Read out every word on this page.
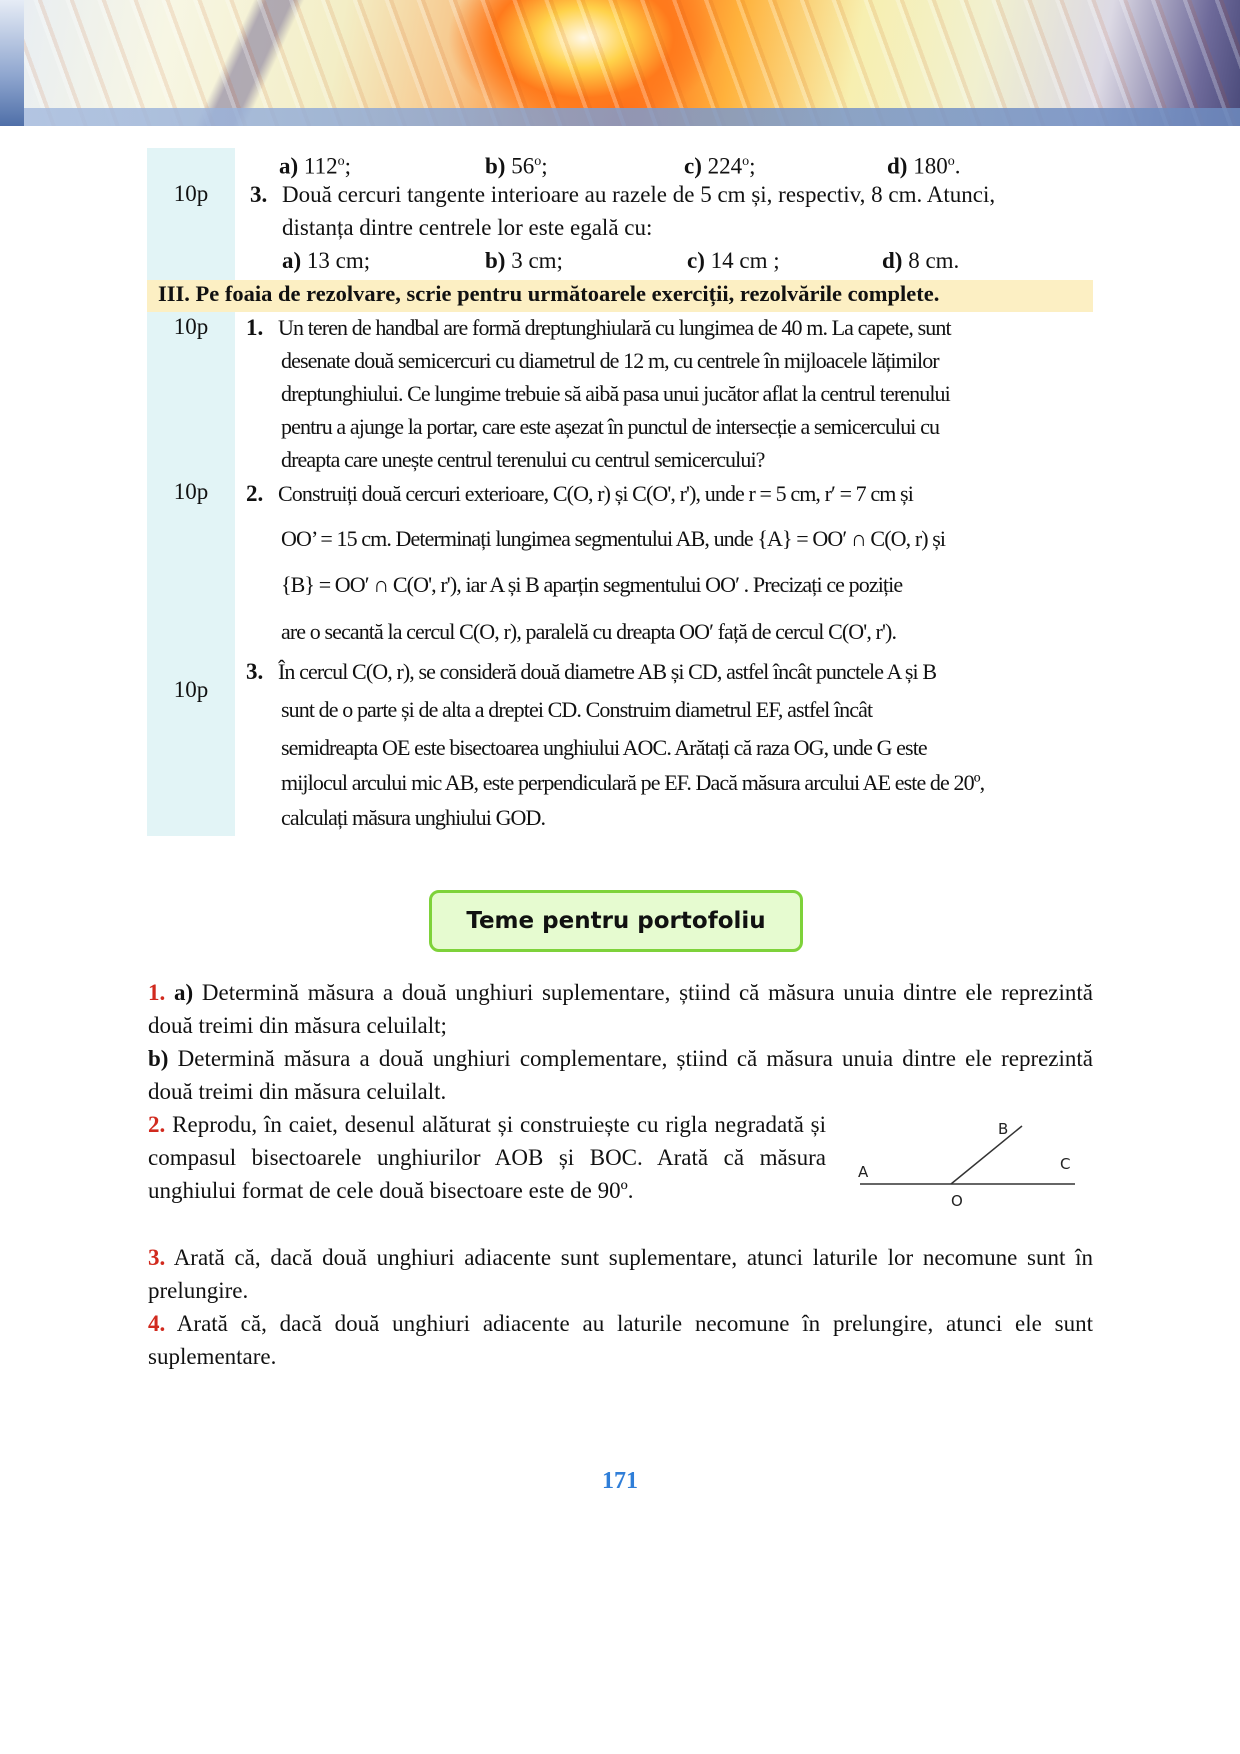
a) 112$^o$;	b) 56$^o$;	c) 224$^o$;	d) 180$^o$.
10p	3. Două cercuri tangente interioare au razele de 5 cm și, respectiv, 8 cm. Atunci,
distanța dintre centrele lor este egală cu:
a) 13 cm;	b) 3 cm;	c) 14 cm ;	d) 8 cm.
III. Pe foaia de rezolvare, scrie pentru următoarele exerciții, rezolvările complete.
10p	1. Un teren de handbal are formă dreptunghiulară cu lungimea de 40 m. La capete, sunt
desenate două semicercuri cu diametrul de 12 m, cu centrele în mijloacele lățimilor
dreptunghiului. Ce lungime trebuie să aibă pasa unui jucător aflat la centrul terenului
pentru a ajunge la portar, care este așezat în punctul de intersecție a semicercului cu
dreapta care unește centrul terenului cu centrul semicercului?
10p	2. Construiți două cercuri exterioare, C(O, r) și C(O', r'), unde r = 5 cm, r′ = 7 cm și
OO’ = 15 cm. Determinați lungimea segmentului AB, unde {A} = OO′ ∩ C(O, r) și
{B} = OO′ ∩ C(O', r'), iar A și B aparțin segmentului OO′ . Precizați ce poziție
are o secantă la cercul C(O, r), paralelă cu dreapta OO′ față de cercul C(O', r').
10p
3. În cercul C(O, r), se consideră două diametre AB și CD, astfel încât punctele A și B
sunt de o parte și de alta a dreptei CD. Construim diametrul EF, astfel încât
semidreapta OE este bisectoarea unghiului AOC. Arătați că raza OG, unde G este
mijlocul arcului mic AB, este perpendiculară pe EF. Dacă măsura arcului AE este de 20º,
calculați măsura unghiului GOD.
Teme pentru portofoliu
1. a) Determină măsura a două unghiuri suplementare, știind că măsura unuia dintre ele reprezintă două treimi din măsura celuilalt;
b) Determină măsura a două unghiuri complementare, știind că măsura unuia dintre ele reprezintă două treimi din măsura celuilalt.
2. Reprodu, în caiet, desenul alăturat și construiește cu rigla negradată și compasul bisectoarele unghiurilor AOB și BOC. Arată că măsura unghiului format de cele două bisectoare este de 90º.
A
B
C
O
3. Arată că, dacă două unghiuri adiacente sunt suplementare, atunci laturile lor necomune sunt în prelungire.
4. Arată că, dacă două unghiuri adiacente au laturile necomune în prelungire, atunci ele sunt suplementare.
171
